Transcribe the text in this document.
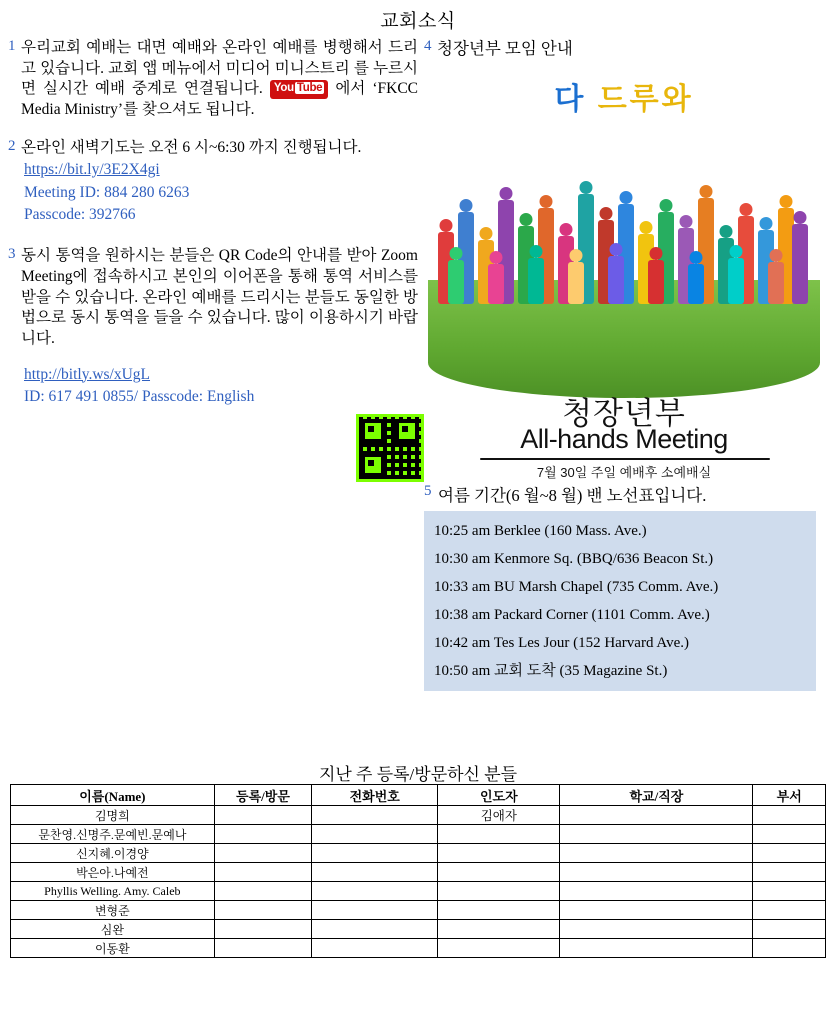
교회소식
1 우리교회 예배는 대면 예배와 온라인 예배를 병행해서 드리고 있습니다. 교회 앱 메뉴에서 미디어 미니스트리 를 누르시면 실시간 예배 중계로 연결됩니다. You Tube 에서 ‘FKCC Media Ministry’를 찾으셔도 됩니다.
2 온라인 새벽기도는 오전 6 시~6:30 까지 진행됩니다.
https://bit.ly/3E2X4gi
Meeting ID: 884 280 6263
Passcode: 392766
3 동시 통역을 원하시는 분들은 QR Code의 안내를 받아 Zoom Meeting에 접속하시고 본인의 이어폰을 통해 통역 서비스를 받을 수 있습니다. 온라인 예배를 드리시는 분들도 동일한 방법으로 동시 통역을 들을 수 있습니다. 많이 이용하시기 바랍니다.
http://bitly.ws/xUgL
ID: 617 491 0855/ Passcode: English
4 청장년부 모임 안내
다 드루와
청장년부
All-hands Meeting
7월 30일 주일 예배후 소예배실
5 여름 기간(6 월~8 월) 밴 노선표입니다.
10:25 am Berklee (160 Mass. Ave.)
10:30 am Kenmore Sq. (BBQ/636 Beacon St.)
10:33 am BU Marsh Chapel (735 Comm. Ave.)
10:38 am Packard Corner (1101 Comm. Ave.)
10:42 am Tes Les Jour (152 Harvard Ave.)
10:50 am 교회 도착 (35 Magazine St.)
지난 주 등록/방문하신 분들
이름(Name)	등록/방문	전화번호	인도자	학교/직장	부서
김명희			김애자		
문찬영.신명주.문예빈.문예나					
신지혜.이경양					
박은아.나예전					
Phyllis Welling. Amy. Caleb					
변형준					
심완					
이동환					
